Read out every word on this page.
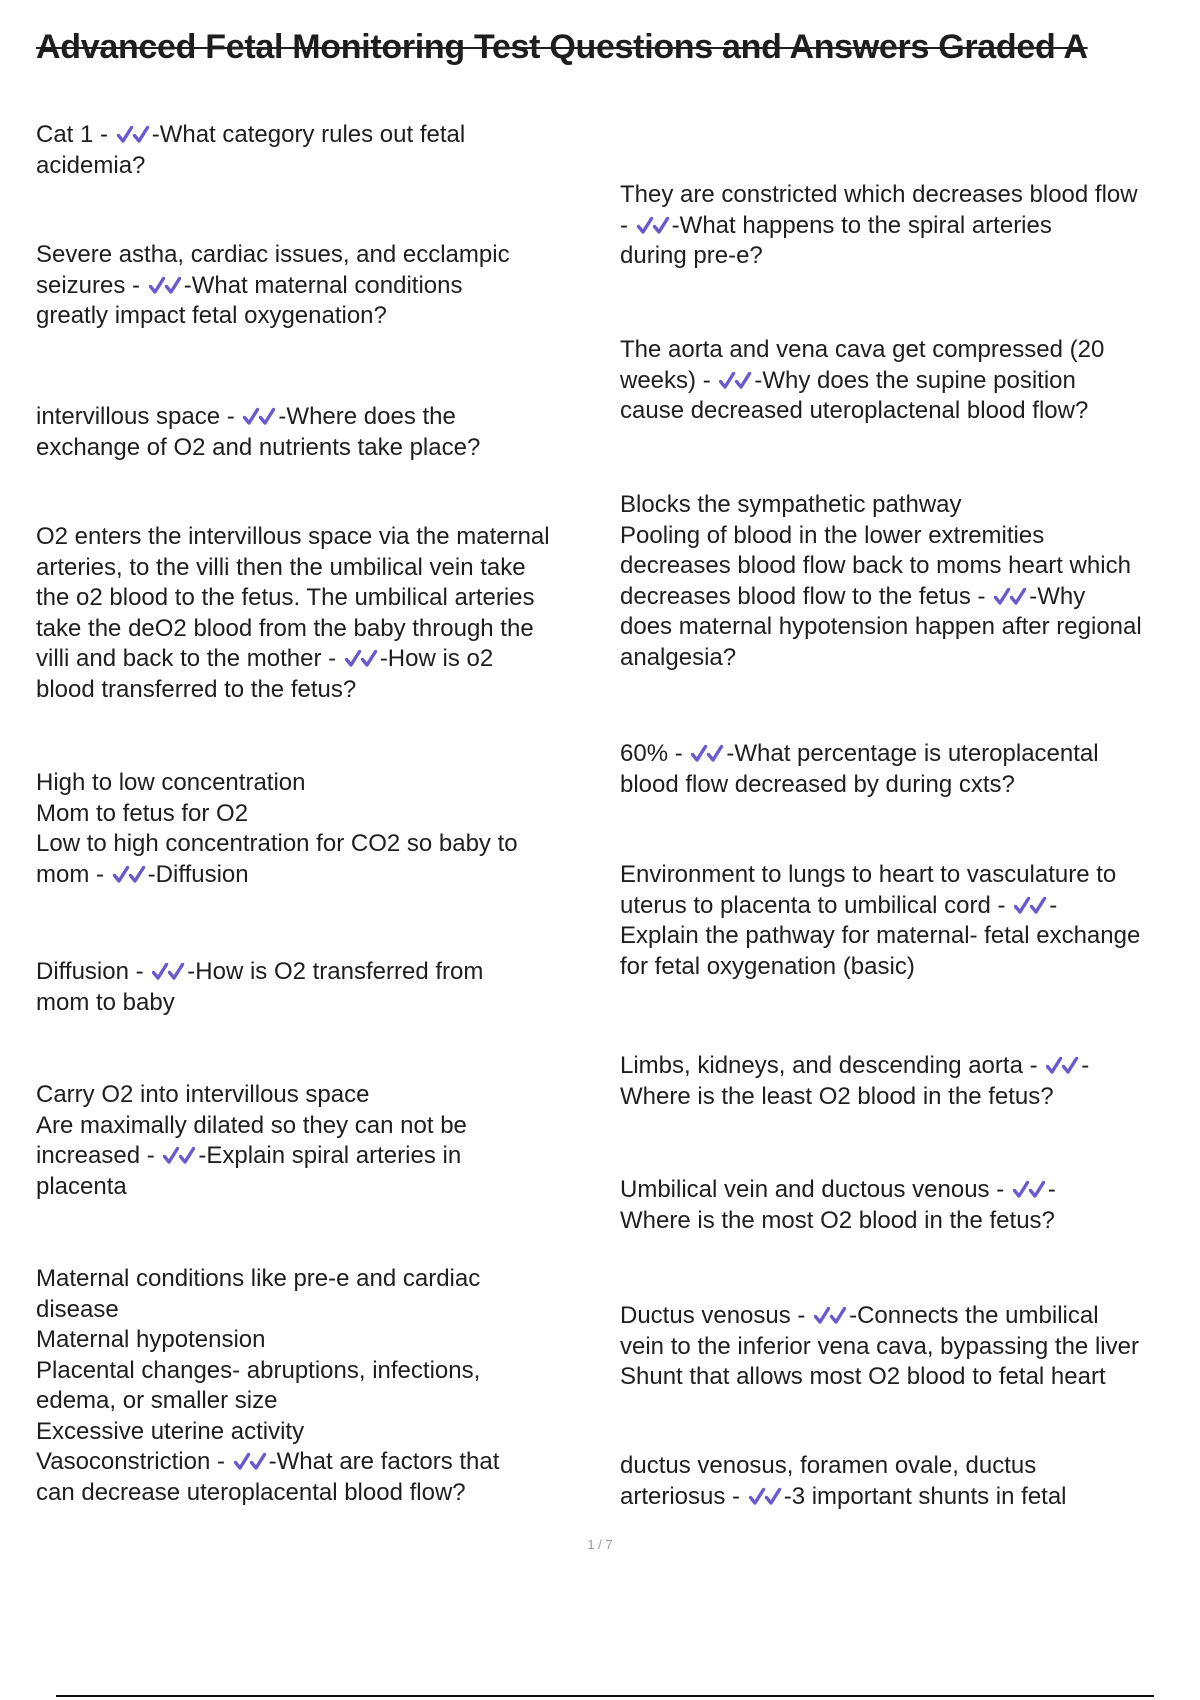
Advanced Fetal Monitoring Test Questions and Answers Graded A
Cat 1 - -What category rules out fetal
acidemia?
Severe astha, cardiac issues, and ecclampic
seizures - -What maternal conditions
greatly impact fetal oxygenation?
intervillous space - -Where does the
exchange of O2 and nutrients take place?
O2 enters the intervillous space via the maternal
arteries, to the villi then the umbilical vein take
the o2 blood to the fetus. The umbilical arteries
take the deO2 blood from the baby through the
villi and back to the mother - -How is o2
blood transferred to the fetus?
High to low concentration
Mom to fetus for O2
Low to high concentration for CO2 so baby to
mom - -Diffusion
Diffusion - -How is O2 transferred from
mom to baby
Carry O2 into intervillous space
Are maximally dilated so they can not be
increased - -Explain spiral arteries in
placenta
Maternal conditions like pre-e and cardiac
disease
Maternal hypotension
Placental changes- abruptions, infections,
edema, or smaller size
Excessive uterine activity
Vasoconstriction - -What are factors that
can decrease uteroplacental blood flow?
They are constricted which decreases blood flow
- -What happens to the spiral arteries
during pre-e?
The aorta and vena cava get compressed (20
weeks) - -Why does the supine position
cause decreased uteroplactenal blood flow?
Blocks the sympathetic pathway
Pooling of blood in the lower extremities
decreases blood flow back to moms heart which
decreases blood flow to the fetus - -Why
does maternal hypotension happen after regional
analgesia?
60% - -What percentage is uteroplacental
blood flow decreased by during cxts?
Environment to lungs to heart to vasculature to
uterus to placenta to umbilical cord - -
Explain the pathway for maternal- fetal exchange
for fetal oxygenation (basic)
Limbs, kidneys, and descending aorta - -
Where is the least O2 blood in the fetus?
Umbilical vein and ductous venous - -
Where is the most O2 blood in the fetus?
Ductus venosus - -Connects the umbilical
vein to the inferior vena cava, bypassing the liver
Shunt that allows most O2 blood to fetal heart
ductus venosus, foramen ovale, ductus
arteriosus - -3 important shunts in fetal
1 / 7
